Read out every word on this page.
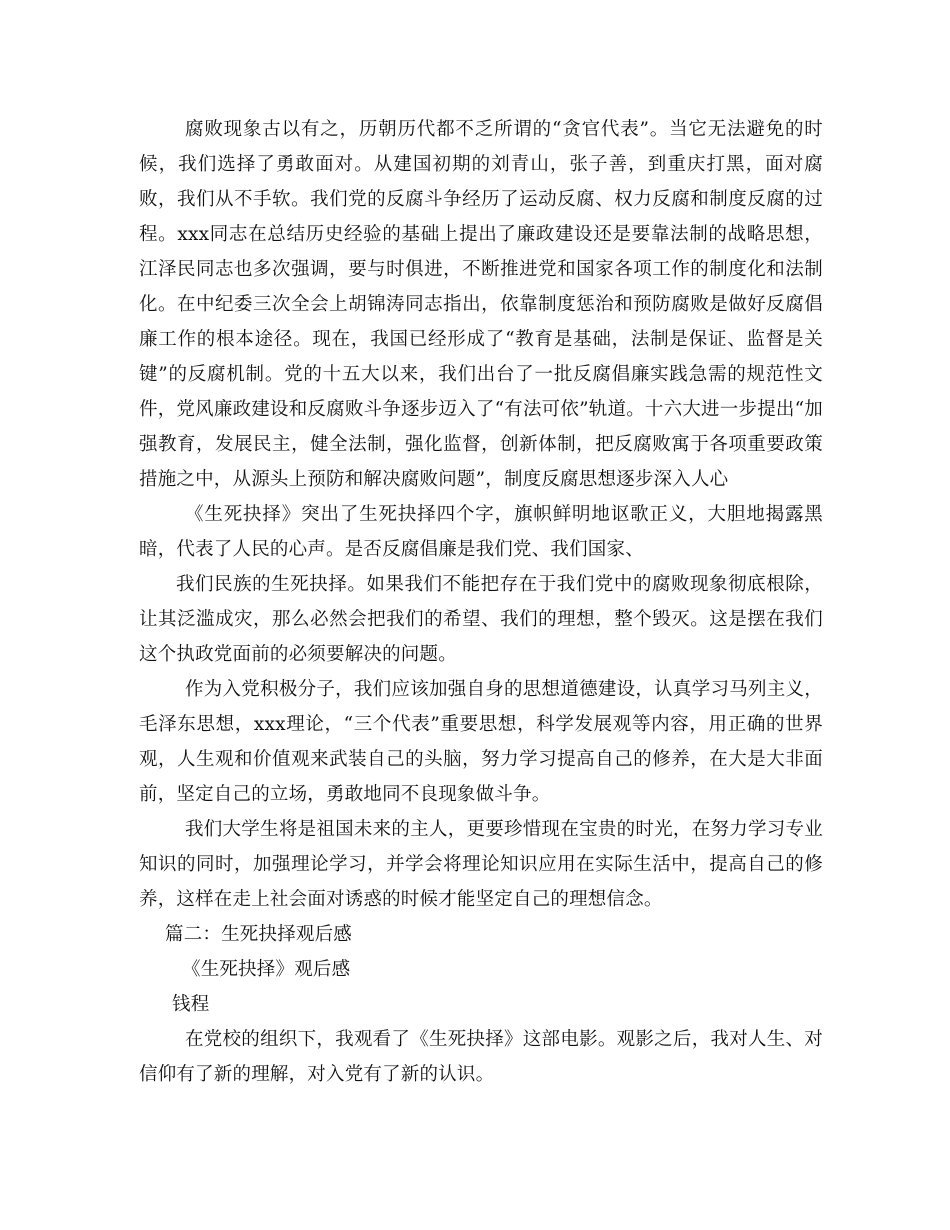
腐败现象古以有之，历朝历代都不乏所谓的“贪官代表”。当它无法避免的时候，我们选择了勇敢面对。从建国初期的刘青山，张子善，到重庆打黑，面对腐败，我们从不手软。我们党的反腐斗争经历了运动反腐、权力反腐和制度反腐的过程。xxx同志在总结历史经验的基础上提出了廉政建设还是要靠法制的战略思想，江泽民同志也多次强调，要与时俱进，不断推进党和国家各项工作的制度化和法制化。在中纪委三次全会上胡锦涛同志指出，依靠制度惩治和预防腐败是做好反腐倡廉工作的根本途径。现在，我国已经形成了“教育是基础，法制是保证、监督是关键”的反腐机制。党的十五大以来，我们出台了一批反腐倡廉实践急需的规范性文件，党风廉政建设和反腐败斗争逐步迈入了“有法可依”轨道。十六大进一步提出“加强教育，发展民主，健全法制，强化监督，创新体制，把反腐败寓于各项重要政策措施之中，从源头上预防和解决腐败问题”，制度反腐思想逐步深入人心

《生死抉择》突出了生死抉择四个字，旗帜鲜明地讴歌正义，大胆地揭露黑暗，代表了人民的心声。是否反腐倡廉是我们党、我们国家、

我们民族的生死抉择。如果我们不能把存在于我们党中的腐败现象彻底根除，让其泛滥成灾，那么必然会把我们的希望、我们的理想，整个毁灭。这是摆在我们这个执政党面前的必须要解决的问题。

作为入党积极分子，我们应该加强自身的思想道德建设，认真学习马列主义，毛泽东思想，xxx理论，“三个代表”重要思想，科学发展观等内容，用正确的世界观，人生观和价值观来武装自己的头脑，努力学习提高自己的修养，在大是大非面前，坚定自己的立场，勇敢地同不良现象做斗争。

我们大学生将是祖国未来的主人，更要珍惜现在宝贵的时光，在努力学习专业知识的同时，加强理论学习，并学会将理论知识应用在实际生活中，提高自己的修养，这样在走上社会面对诱惑的时候才能坚定自己的理想信念。

篇二：生死抉择观后感

《生死抉择》观后感

钱程

在党校的组织下，我观看了《生死抉择》这部电影。观影之后，我对人生、对信仰有了新的理解，对入党有了新的认识。
